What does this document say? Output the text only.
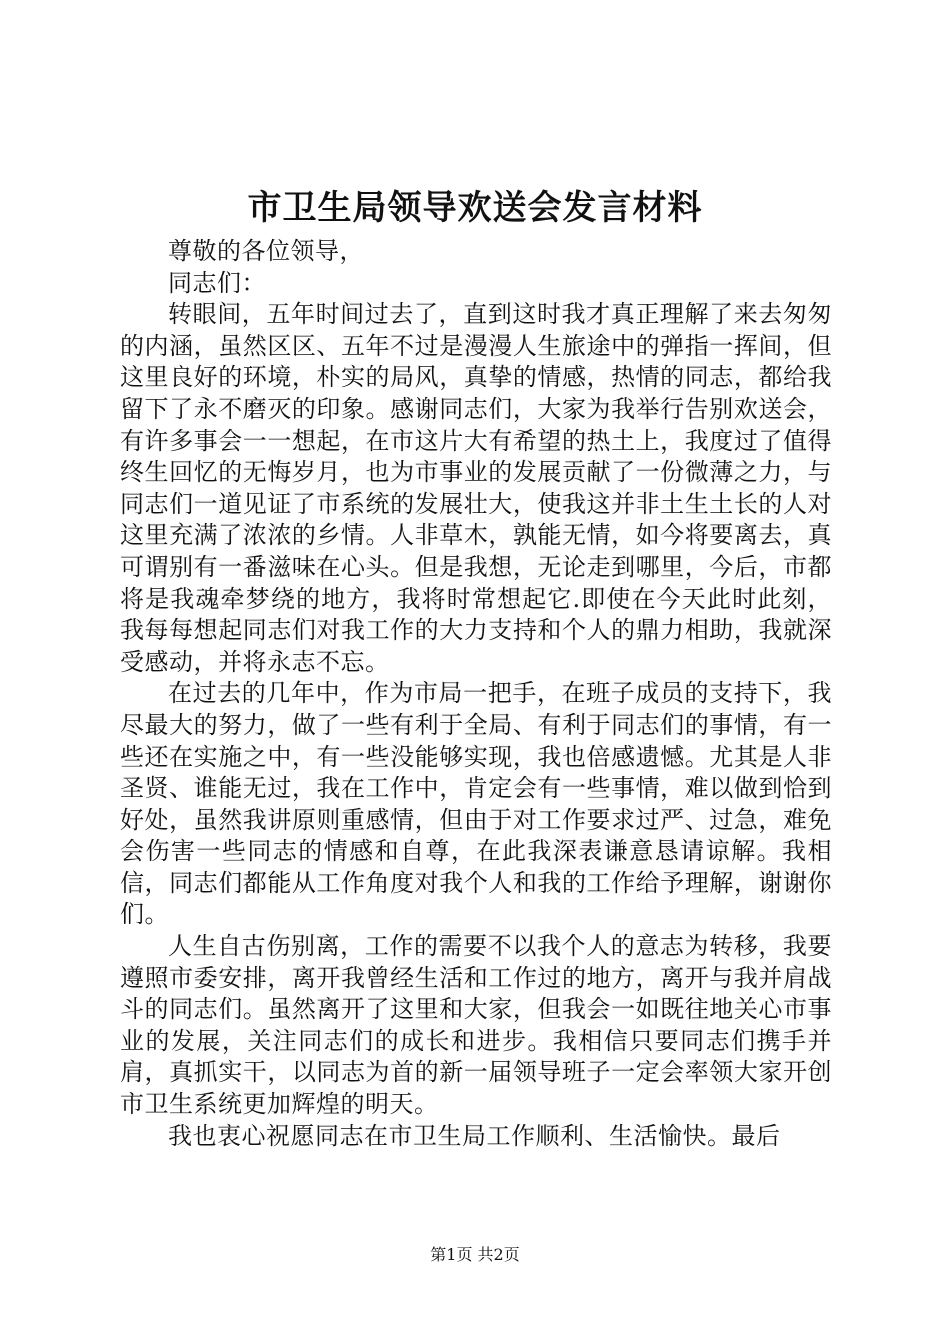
市卫生局领导欢送会发言材料

尊敬的各位领导，

同志们：

转眼间，五年时间过去了，直到这时我才真正理解了来去匆匆的内涵，虽然区区、五年不过是漫漫人生旅途中的弹指一挥间，但这里良好的环境，朴实的局风，真挚的情感，热情的同志，都给我留下了永不磨灭的印象。感谢同志们，大家为我举行告别欢送会，有许多事会一一想起，在市这片大有希望的热土上，我度过了值得终生回忆的无悔岁月，也为市事业的发展贡献了一份微薄之力，与同志们一道见证了市系统的发展壮大，使我这并非土生土长的人对这里充满了浓浓的乡情。人非草木，孰能无情，如今将要离去，真可谓别有一番滋味在心头。但是我想，无论走到哪里，今后，市都将是我魂牵梦绕的地方，我将时常想起它.即使在今天此时此刻，我每每想起同志们对我工作的大力支持和个人的鼎力相助，我就深受感动，并将永志不忘。

在过去的几年中，作为市局一把手，在班子成员的支持下，我尽最大的努力，做了一些有利于全局、有利于同志们的事情，有一些还在实施之中，有一些没能够实现，我也倍感遗憾。尤其是人非圣贤、谁能无过，我在工作中，肯定会有一些事情，难以做到恰到好处，虽然我讲原则重感情，但由于对工作要求过严、过急，难免会伤害一些同志的情感和自尊，在此我深表谦意恳请谅解。我相信，同志们都能从工作角度对我个人和我的工作给予理解，谢谢你们。

人生自古伤别离，工作的需要不以我个人的意志为转移，我要遵照市委安排，离开我曾经生活和工作过的地方，离开与我并肩战斗的同志们。虽然离开了这里和大家，但我会一如既往地关心市事业的发展，关注同志们的成长和进步。我相信只要同志们携手并肩，真抓实干，以同志为首的新一届领导班子一定会率领大家开创市卫生系统更加辉煌的明天。

我也衷心祝愿同志在市卫生局工作顺利、生活愉快。最后

第1页 共2页
